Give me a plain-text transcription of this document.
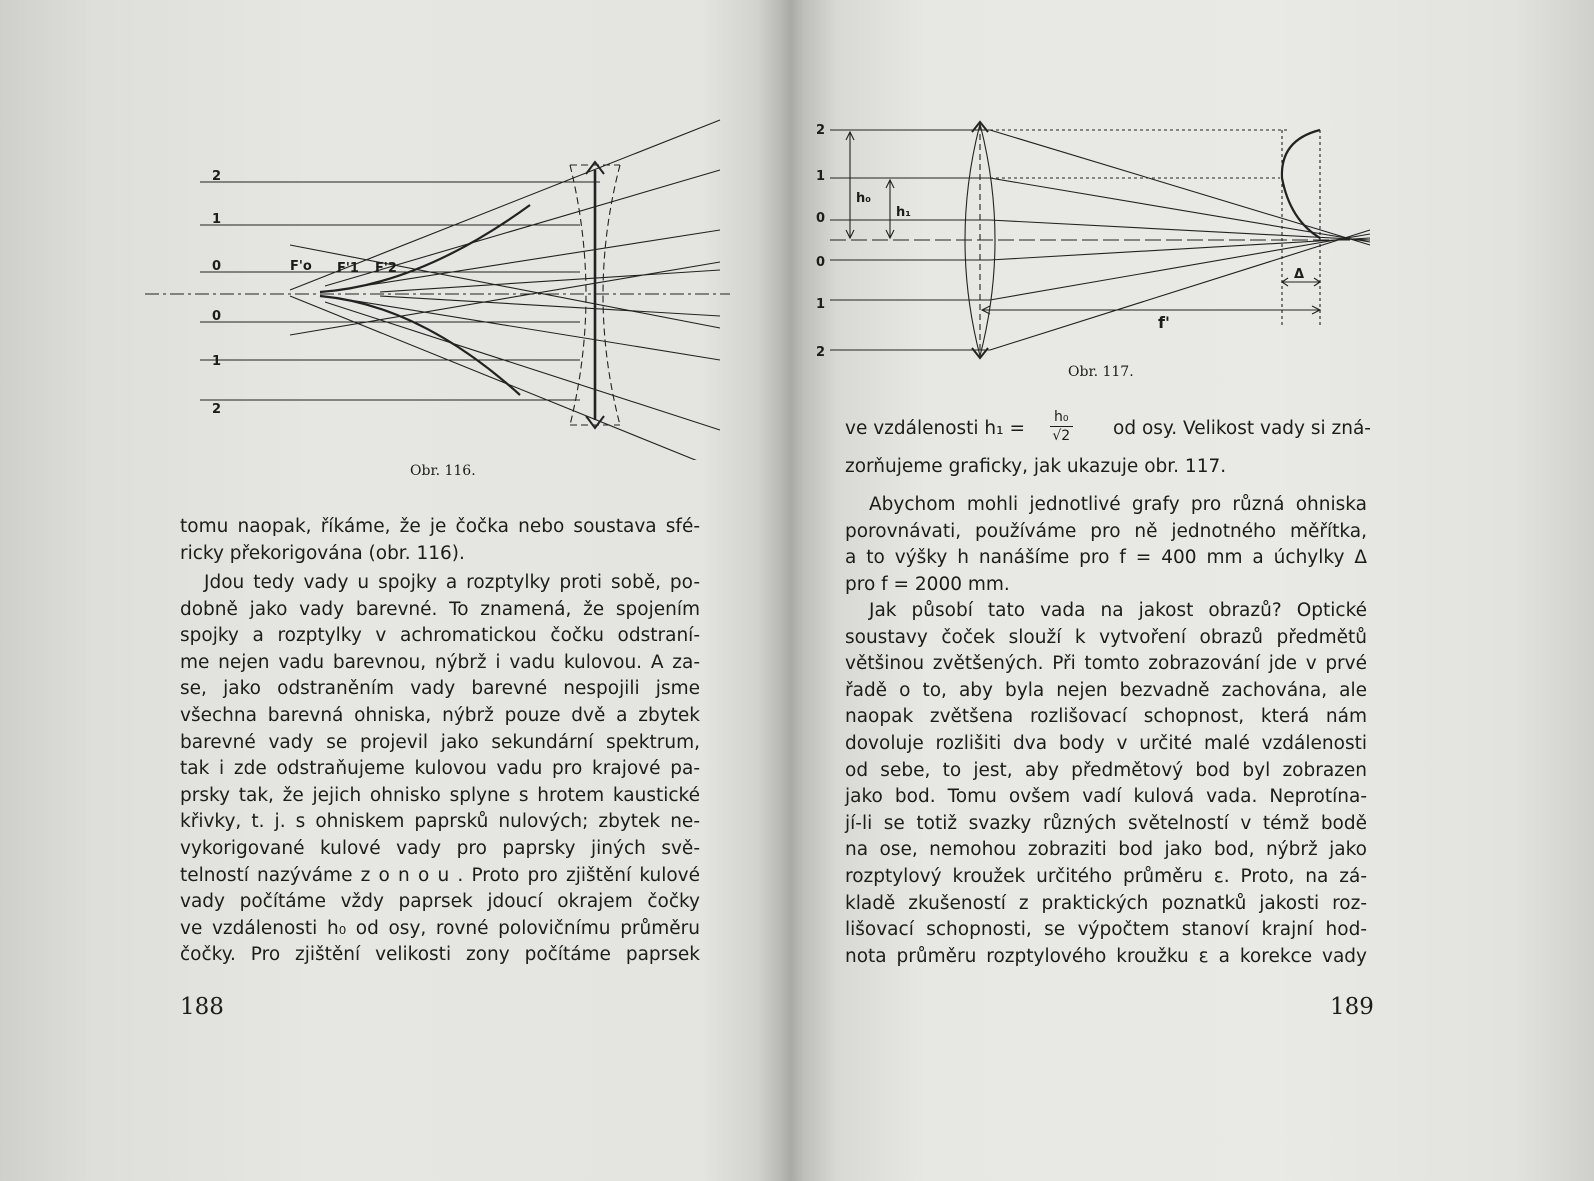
2
1
0
0
1
2
F'o F'1 F'2
Obr. 116.
tomu naopak, říkáme, že je čočka nebo soustava sfé-
ricky překorigována (obr. 116).
Jdou tedy vady u spojky a rozptylky proti sobě, po-
dobně jako vady barevné. To znamená, že spojením
spojky a rozptylky v achromatickou čočku odstraní-
me nejen vadu barevnou, nýbrž i vadu kulovou. A za-
se, jako odstraněním vady barevné nespojili jsme
všechna barevná ohniska, nýbrž pouze dvě a zbytek
barevné vady se projevil jako sekundární spektrum,
tak i zde odstraňujeme kulovou vadu pro krajové pa-
prsky tak, že jejich ohnisko splyne s hrotem kaustické
křivky, t. j. s ohniskem paprsků nulových; zbytek ne-
vykorigované kulové vady pro paprsky jiných svě-
telností nazýváme z o n o u . Proto pro zjištění kulové
vady počítáme vždy paprsek jdoucí okrajem čočky
ve vzdálenosti h₀ od osy, rovné polovičnímu průměru
čočky. Pro zjištění velikosti zony počítáme paprsek
188
2
1
0
0
1
2
h₀
h₁
f'
Δ
Obr. 117.
ve vzdálenosti $h_1 = \frac{\text{h₀}}{√2}$ od osy. Velikost vady si zná-
zorňujeme graficky, jak ukazuje obr. 117.
Abychom mohli jednotlivé grafy pro různá ohniska
porovnávati, používáme pro ně jednotného měřítka,
a to výšky h nanášíme pro f = 400 mm a úchylky Δ
pro f = 2000 mm.
Jak působí tato vada na jakost obrazů? Optické
soustavy čoček slouží k vytvoření obrazů předmětů
většinou zvětšených. Při tomto zobrazování jde v prvé
řadě o to, aby byla nejen bezvadně zachována, ale
naopak zvětšena rozlišovací schopnost, která nám
dovoluje rozlišiti dva body v určité malé vzdálenosti
od sebe, to jest, aby předmětový bod byl zobrazen
jako bod. Tomu ovšem vadí kulová vada. Neprotína-
jí-li se totiž svazky různých světelností v témž bodě
na ose, nemohou zobraziti bod jako bod, nýbrž jako
rozptylový kroužek určitého průměru ε. Proto, na zá-
kladě zkušeností z praktických poznatků jakosti roz-
lišovací schopnosti, se výpočtem stanoví krajní hod-
nota průměru rozptylového kroužku ε a korekce vady
189
